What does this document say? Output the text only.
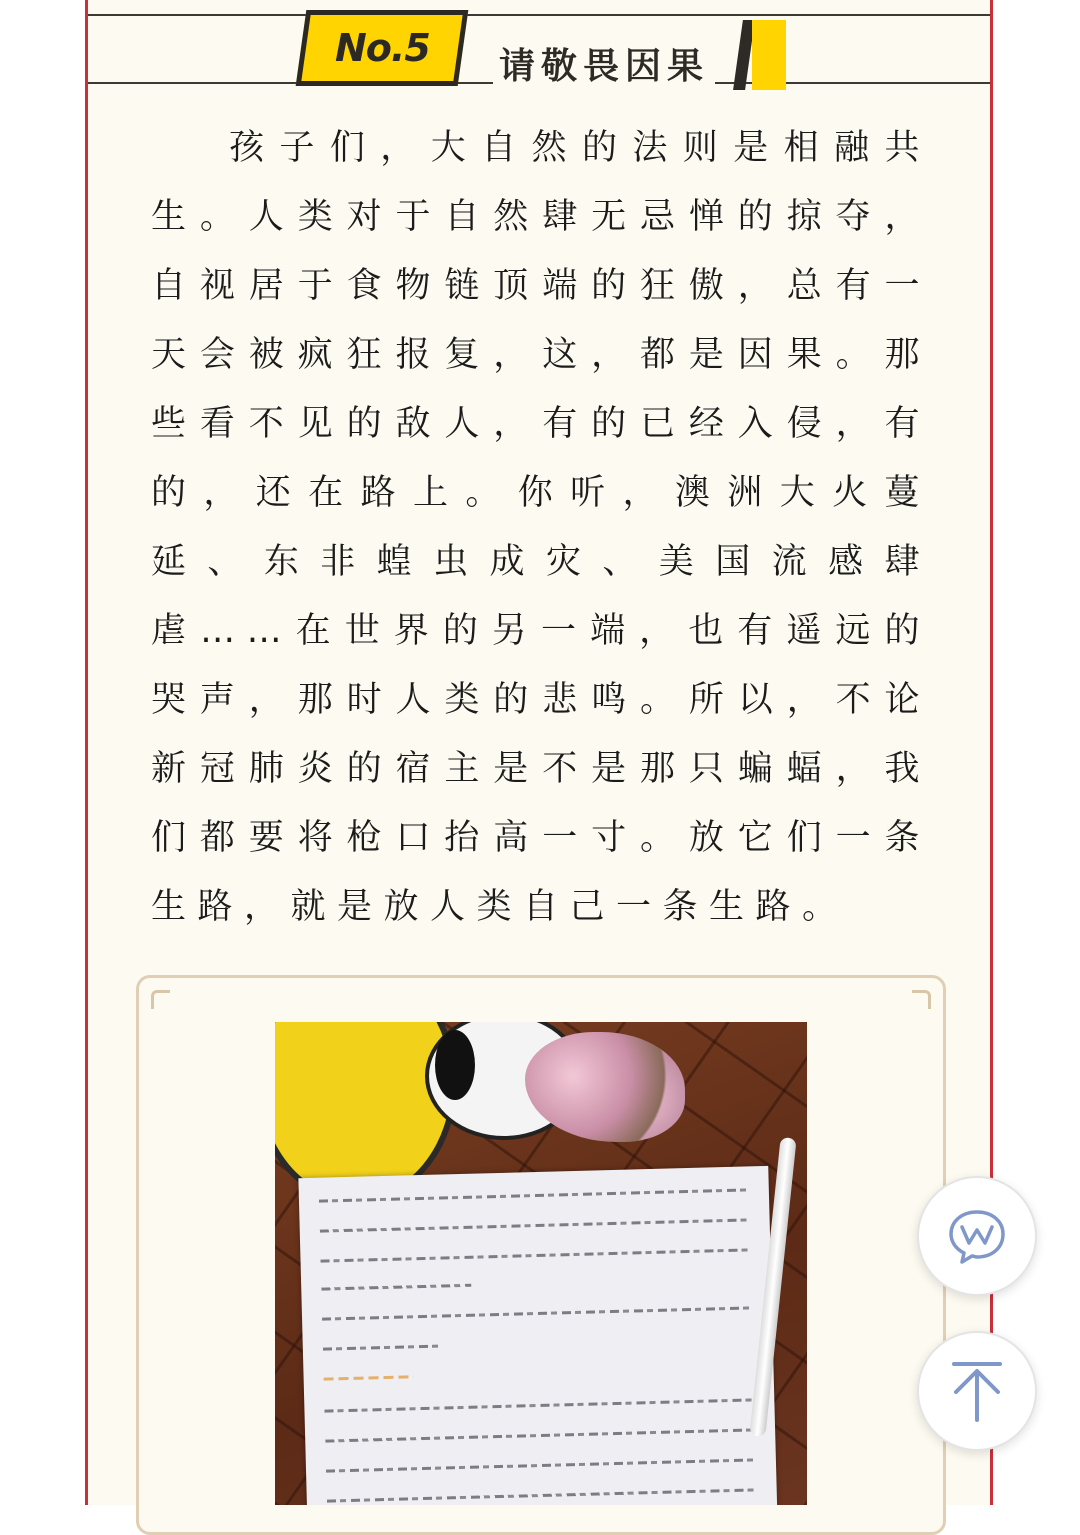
No.5 请敬畏因果

孩子们，大自然的法则是相融共生。人类对于自然肆无忌惮的掠夺，自视居于食物链顶端的狂傲，总有一天会被疯狂报复，这，都是因果。那些看不见的敌人，有的已经入侵，有的，还在路上。你听，澳洲大火蔓延、东非蝗虫成灾、美国流感肆虐……在世界的另一端，也有遥远的哭声，那时人类的悲鸣。所以，不论新冠肺炎的宿主是不是那只蝙蝠，我们都要将枪口抬高一寸。放它们一条生路，就是放人类自己一条生路。
